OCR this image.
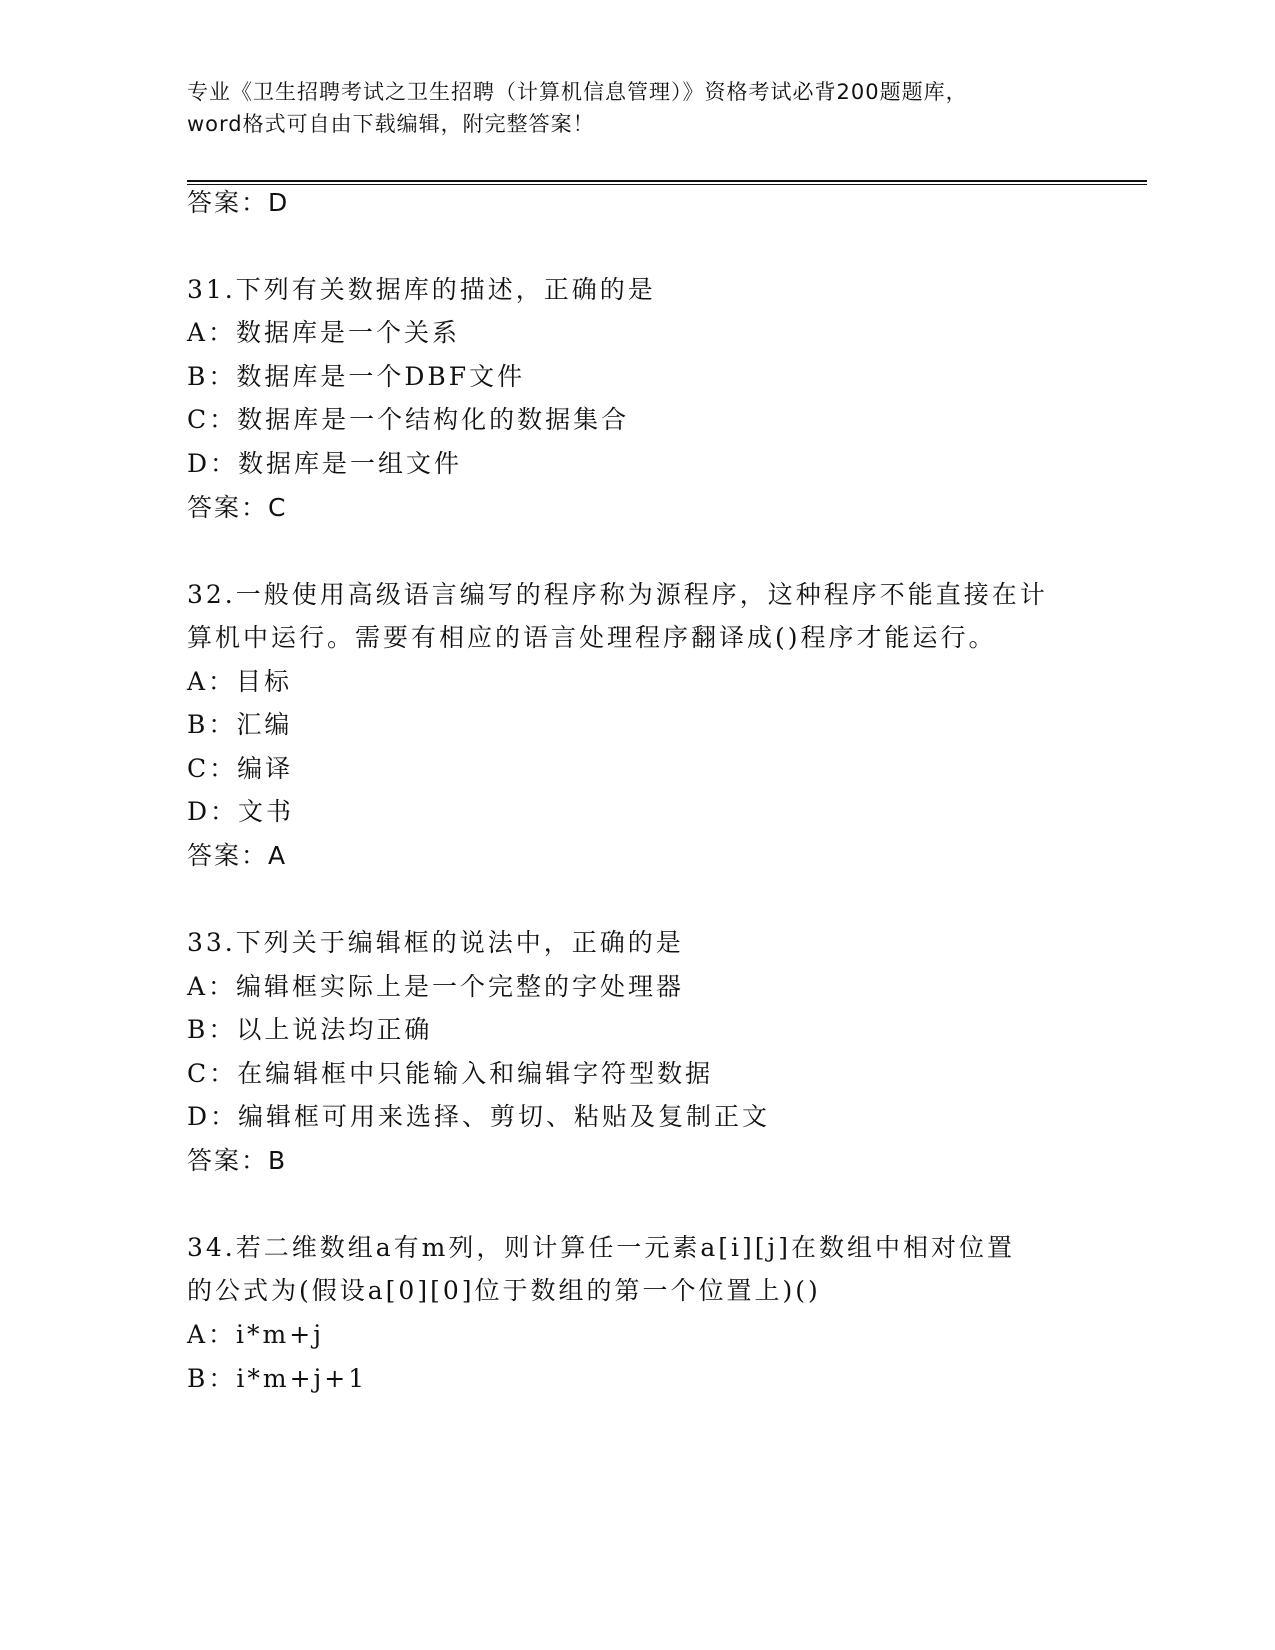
专业《卫生招聘考试之卫生招聘（计算机信息管理）》资格考试必背200题题库，
word格式可自由下载编辑，附完整答案！
答案：D
31.下列有关数据库的描述，正确的是
A：数据库是一个关系
B：数据库是一个DBF文件
C：数据库是一个结构化的数据集合
D：数据库是一组文件
答案：C
32.一般使用高级语言编写的程序称为源程序，这种程序不能直接在计
算机中运行。需要有相应的语言处理程序翻译成()程序才能运行。
A：目标
B：汇编
C：编译
D：文书
答案：A
33.下列关于编辑框的说法中，正确的是
A：编辑框实际上是一个完整的字处理器
B：以上说法均正确
C：在编辑框中只能输入和编辑字符型数据
D：编辑框可用来选择、剪切、粘贴及复制正文
答案：B
34.若二维数组a有m列，则计算任一元素a[i][j]在数组中相对位置
的公式为(假设a[0][0]位于数组的第一个位置上)()
A：i*m+j
B：i*m+j+1
